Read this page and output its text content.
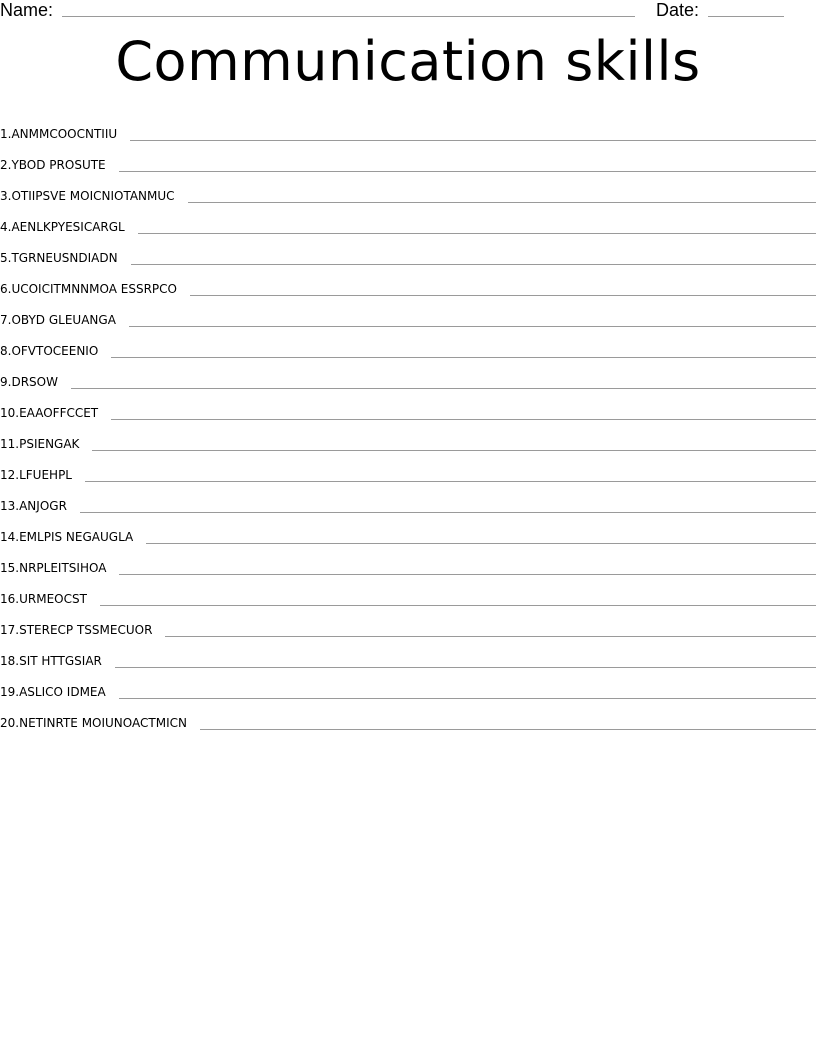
Name:	Date:
Communication skills
1. ANMMCOOCNTIIU
2. YBOD PROSUTE
3. OTIIPSVE MOICNIOTANMUC
4. AENLKPYESICARGL
5. TGRNEUSNDIADN
6. UCOICITMNNMOA ESSRPCO
7. OBYD GLEUANGA
8. OFVTOCEENIO
9. DRSOW
10. EAAOFFCCET
11. PSIENGAK
12. LFUEHPL
13. ANJOGR
14. EMLPIS NEGAUGLA
15. NRPLEITSIHOA
16. URMEOCST
17. STERECP TSSMECUOR
18. SIT HTTGSIAR
19. ASLICO IDMEA
20. NETINRTE MOIUNOACTMICN
